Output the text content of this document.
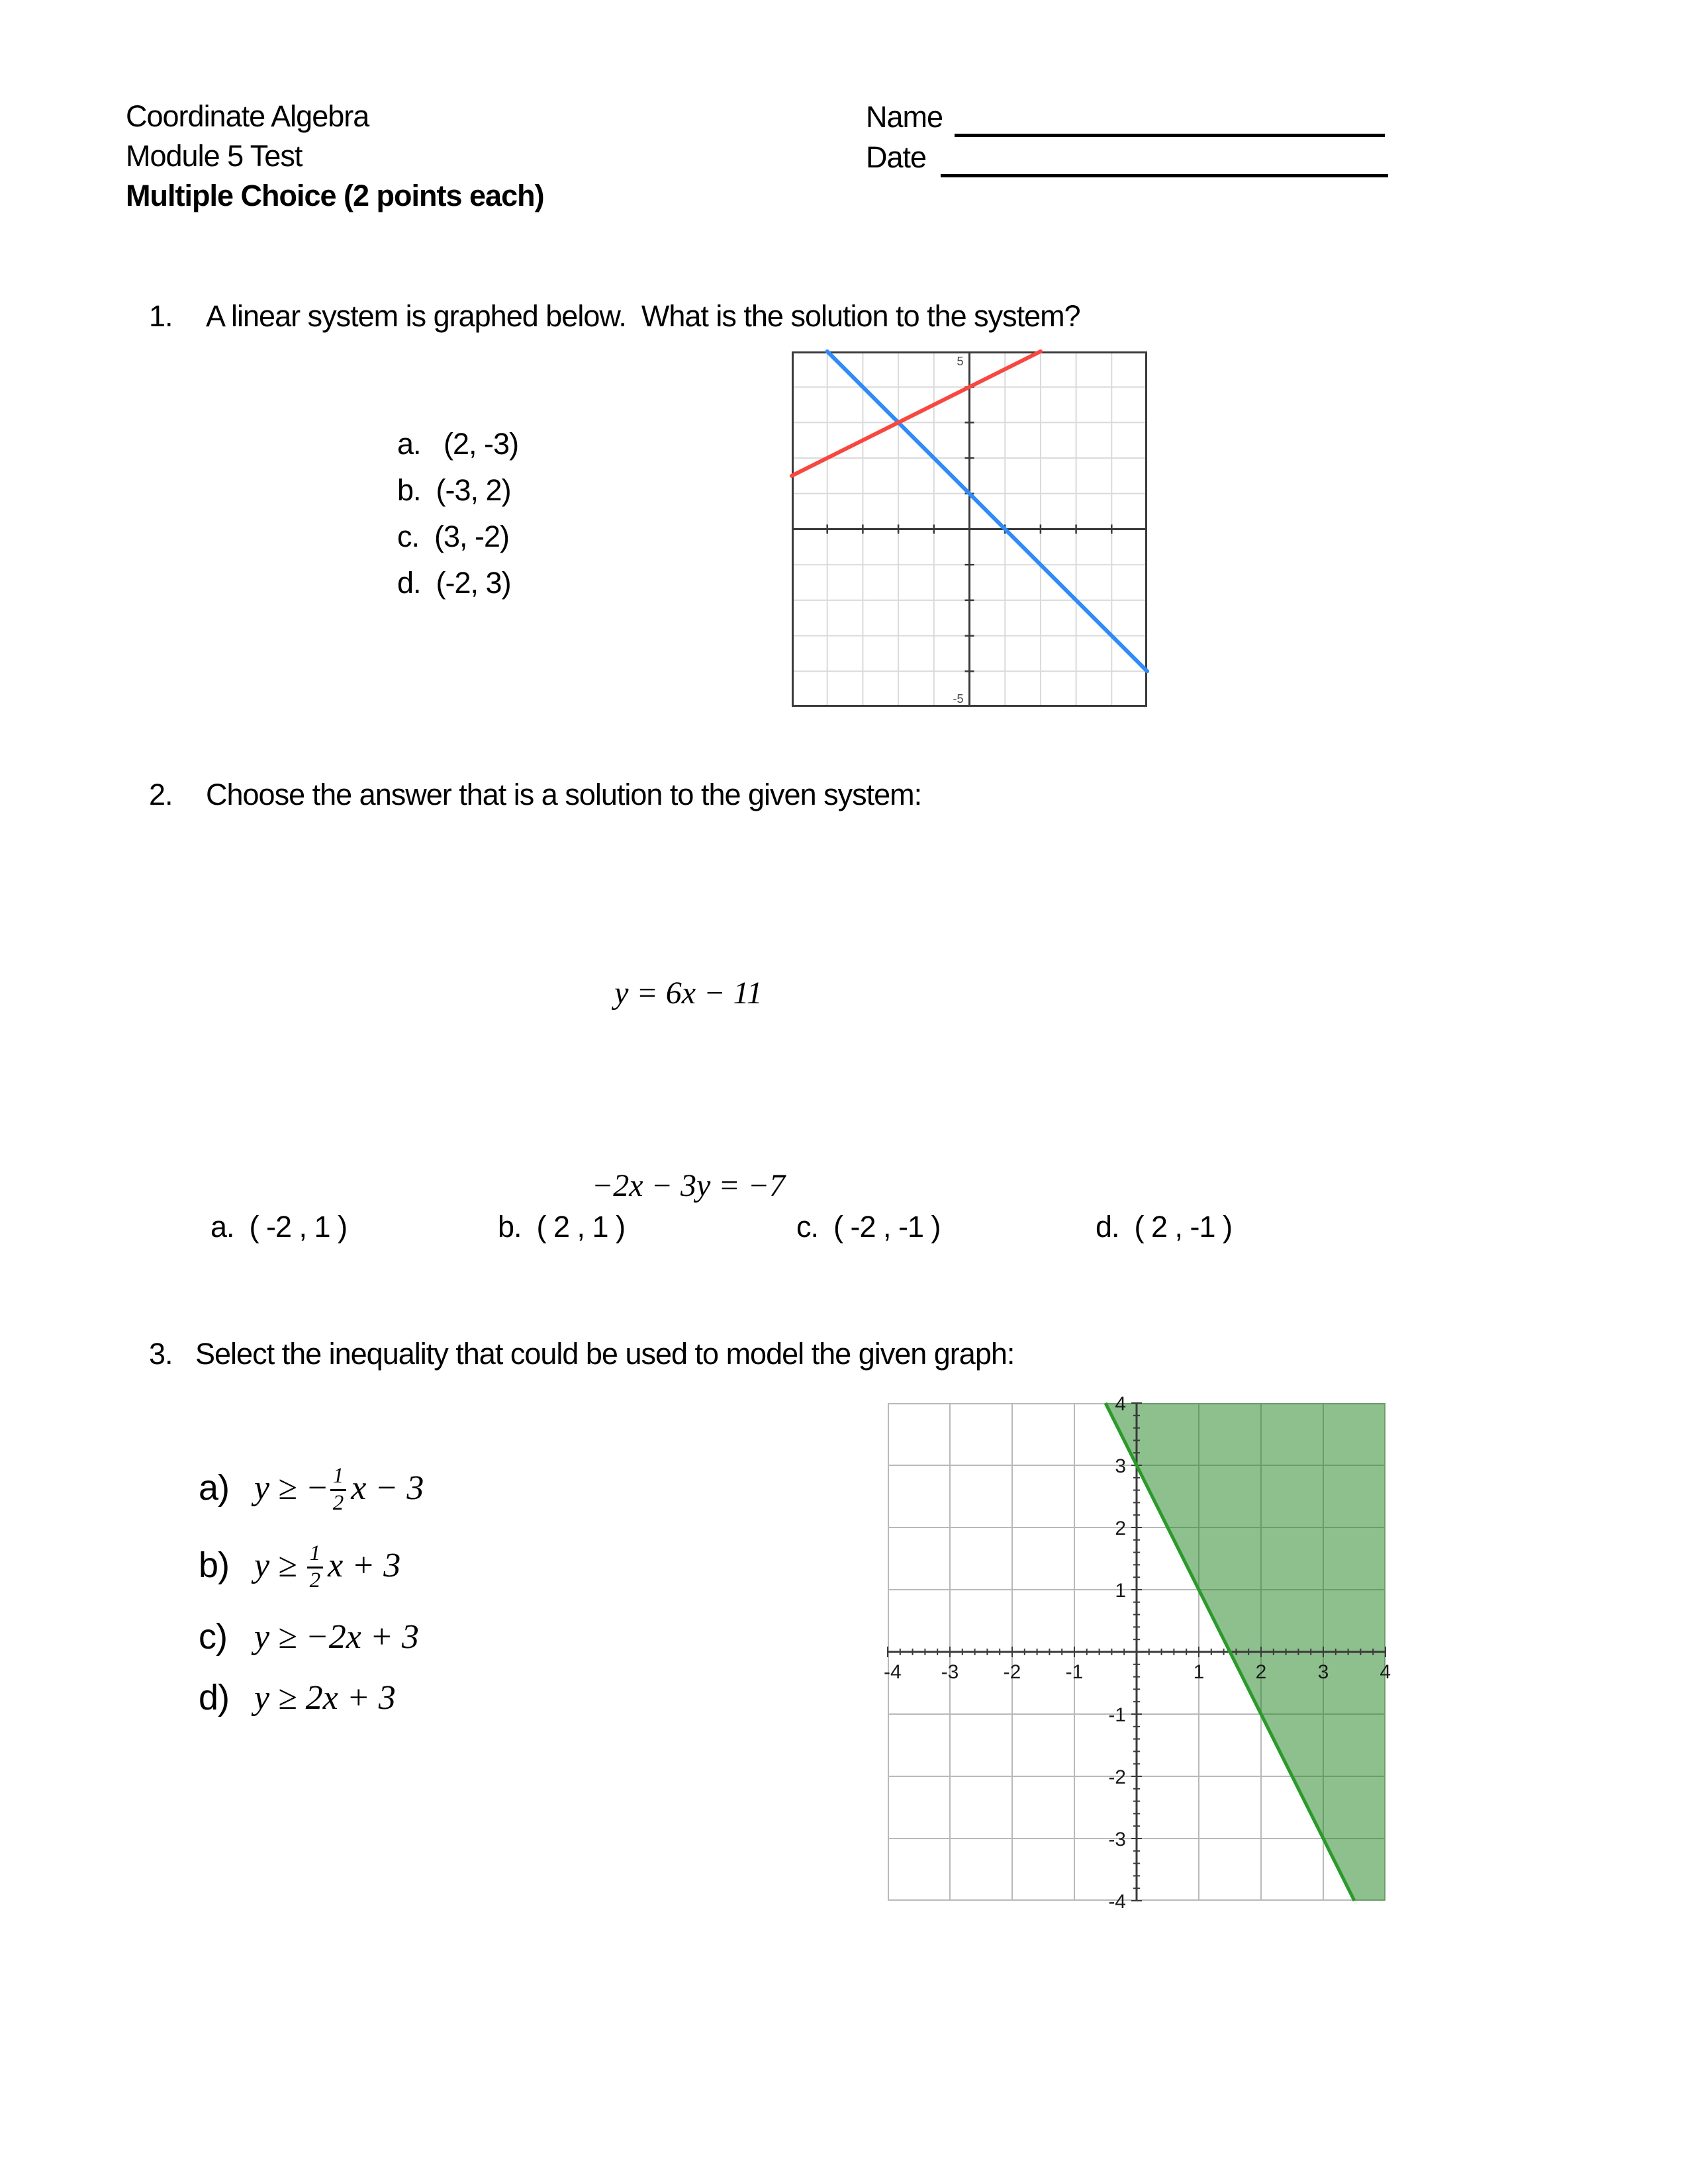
Coordinate Algebra
Module 5 Test
Multiple Choice (2 points each)
Name
Date
1.	A linear system is graphed below.  What is the solution to the system?
5
-5
a.   (2, -3)
b.  (-3, 2)
c.  (3, -2)
d.  (-2, 3)
2.	Choose the answer that is a solution to the given system:

y = 6x − 11

−2x − 3y = −7

a.  ( -2 , 1 )	b.  ( 2 , 1 )	c.  ( -2 , -1 )	d.  ( 2 , -1 )
3. Select the inequality that could be used to model the given graph:
a) y ≥ − $\frac{1}{2}$ x − 3
b) $y \ge \frac{1}{2}$ x + 3
c) y ≥ −2x + 3
d) y ≥ 2x + 3
-4 -3 -2 -1	1	2	3	4
4
3
2
1
-1
-2
-3
-4
